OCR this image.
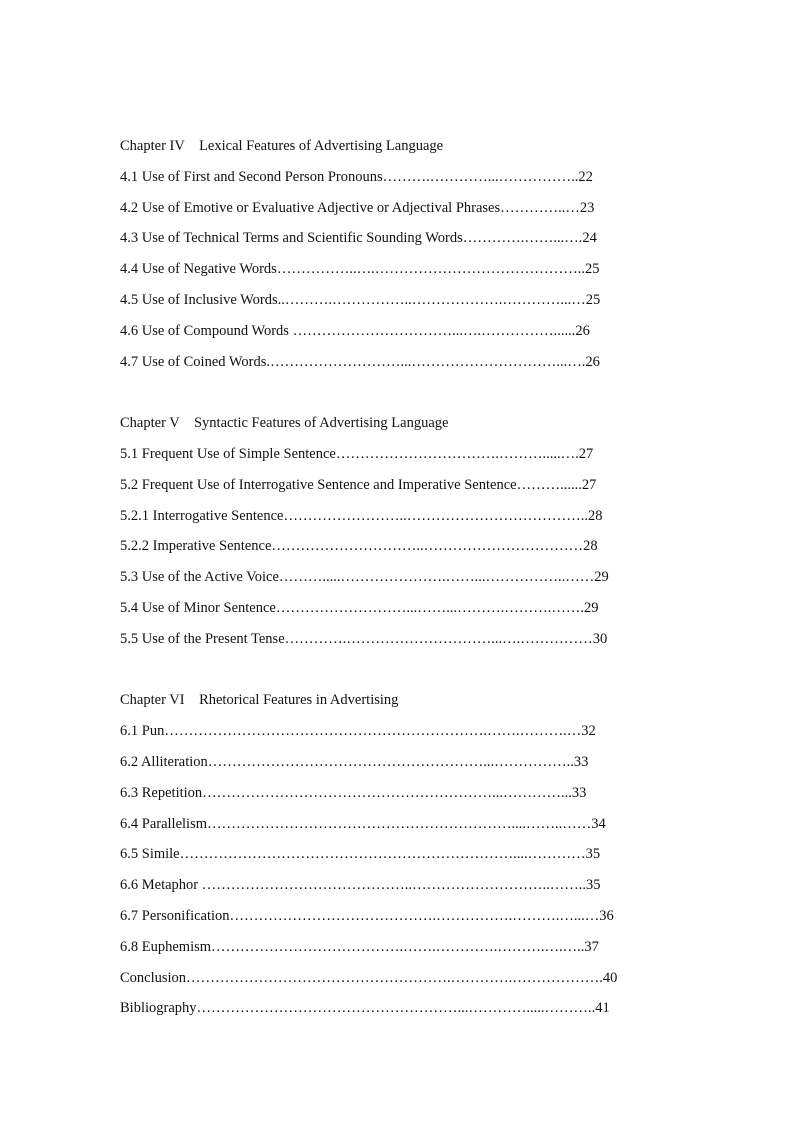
Chapter IV　Lexical Features of Advertising Language
4.1 Use of First and Second Person Pronouns……….…………...……………..22
4.2 Use of Emotive or Evaluative Adjective or Adjectival Phrases…………..…23
4.3 Use of Technical Terms and Scientific Sounding Words………….……...….24
4.4 Use of Negative Words……………..….……………………………………..25
4.5 Use of Inclusive Words..……….……………..……………….…………...…25
4.6 Use of Compound Words ……………………………...….……………......26
4.7 Use of Coined Words.………………………...…………………………...….26
Chapter V　Syntactic Features of Advertising Language
5.1 Frequent Use of Simple Sentence…………………………….……….....….27
5.2 Frequent Use of Interrogative Sentence and Imperative Sentence………......27
5.2.1 Interrogative Sentence……………………..………………………………..28
5.2.2 Imperative Sentence…………………………..……………………………28
5.3 Use of the Active Voice……….....………………….……...……………..……29
5.4 Use of Minor Sentence………………………...……...……….……….…….29
5.5 Use of the Present Tense………….…………………………...….……………30
Chapter VI　Rhetorical Features in Advertising
6.1 Pun………………………………………………………….…….……….…32
6.2 Alliteration…………………………………………………...……………..33
6.3 Repetition……………………………………………………...…………...33
6.4 Parallelism………………………………………………………....……..……34
6.5 Simile……………………………………………………………....…………35
6.6 Metaphor ……………………………………..………………………..……..35
6.7 Personification…………………………………….…………….……….…...…36
6.8 Euphemism………………………………….…….………….……….….…..37
Conclusion……………………………………………….………….……………….40
Bibliography………………………………………………...………….....………..41
